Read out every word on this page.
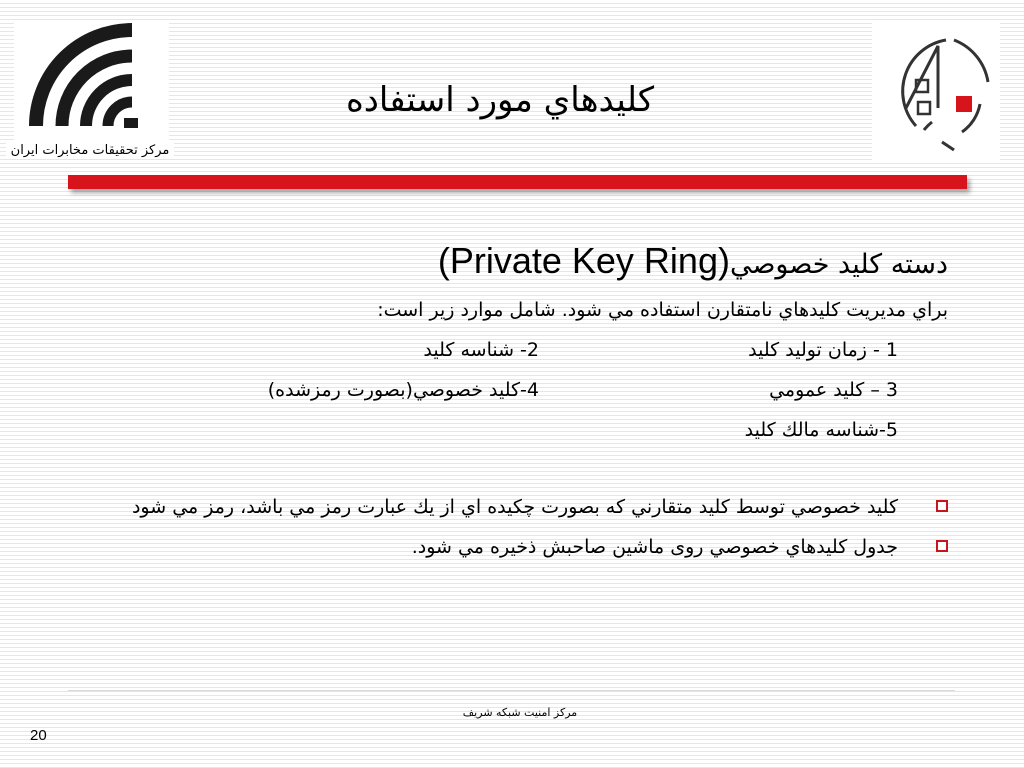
مركز تحقيقات مخابرات ايران
كليدهاي مورد استفاده
دسته كليد خصوصي(Private Key Ring)
براي مديريت كليدهاي نامتقارن استفاده مي شود. شامل موارد زير است:
1 - زمان توليد كليد
2- شناسه كليد
3 – كليد عمومي
4-كليد خصوصي(بصورت رمزشده)
5-شناسه مالك كليد
كليد خصوصي توسط كليد متقارني كه بصورت چكيده اي از يك عبارت رمز مي باشد، رمز مي شود
جدول كليدهاي خصوصي روی ماشين صاحبش ذخيره مي شود.
مركز امنيت شبكه شريف
20
